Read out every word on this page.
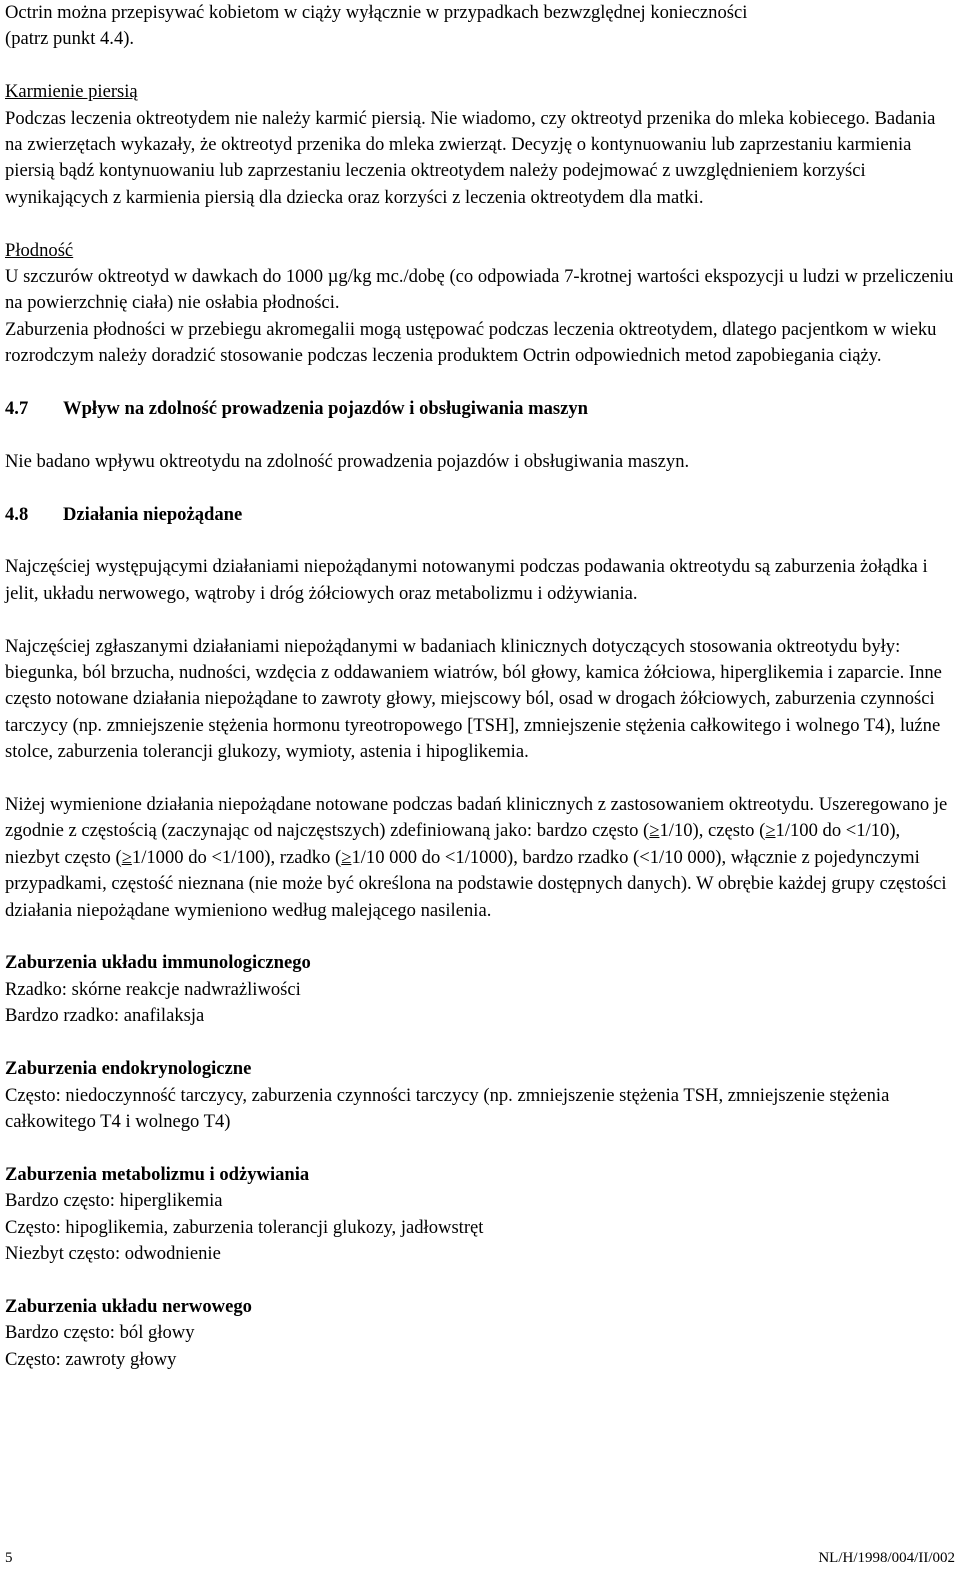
Octrin można przepisywać kobietom w ciąży wyłącznie w przypadkach bezwzględnej konieczności

(patrz punkt 4.4).

Karmienie piersią

Podczas leczenia oktreotydem nie należy karmić piersią. Nie wiadomo, czy oktreotyd przenika do mleka kobiecego. Badania na zwierzętach wykazały, że oktreotyd przenika do mleka zwierząt. Decyzję o kontynuowaniu lub zaprzestaniu karmienia piersią bądź kontynuowaniu lub zaprzestaniu leczenia oktreotydem należy podejmować z uwzględnieniem korzyści wynikających z karmienia piersią dla dziecka oraz korzyści z leczenia oktreotydem dla matki.

Płodność

U szczurów oktreotyd w dawkach do 1000 µg/kg mc./dobę (co odpowiada 7-krotnej wartości ekspozycji u ludzi w przeliczeniu na powierzchnię ciała) nie osłabia płodności.

Zaburzenia płodności w przebiegu akromegalii mogą ustępować podczas leczenia oktreotydem, dlatego pacjentkom w wieku rozrodczym należy doradzić stosowanie podczas leczenia produktem Octrin odpowiednich metod zapobiegania ciąży.

4.7	Wpływ na zdolność prowadzenia pojazdów i obsługiwania maszyn

Nie badano wpływu oktreotydu na zdolność prowadzenia pojazdów i obsługiwania maszyn.

4.8	Działania niepożądane

Najczęściej występującymi działaniami niepożądanymi notowanymi podczas podawania oktreotydu są zaburzenia żołądka i jelit, układu nerwowego, wątroby i dróg żółciowych oraz metabolizmu i odżywiania.

Najczęściej zgłaszanymi działaniami niepożądanymi w badaniach klinicznych dotyczących stosowania oktreotydu były: biegunka, ból brzucha, nudności, wzdęcia z oddawaniem wiatrów, ból głowy, kamica żółciowa, hiperglikemia i zaparcie. Inne często notowane działania niepożądane to zawroty głowy, miejscowy ból, osad w drogach żółciowych, zaburzenia czynności tarczycy (np. zmniejszenie stężenia hormonu tyreotropowego [TSH], zmniejszenie stężenia całkowitego i wolnego T4), luźne stolce, zaburzenia tolerancji glukozy, wymioty, astenia i hipoglikemia.

Niżej wymienione działania niepożądane notowane podczas badań klinicznych z zastosowaniem oktreotydu. Uszeregowano je zgodnie z częstością (zaczynając od najczęstszych) zdefiniowaną jako: bardzo często (≥1/10), często (≥1/100 do <1/10), niezbyt często (≥1/1000 do <1/100), rzadko (≥1/10 000 do <1/1000), bardzo rzadko (<1/10 000), włącznie z pojedynczymi przypadkami, częstość nieznana (nie może być określona na podstawie dostępnych danych). W obrębie każdej grupy częstości działania niepożądane wymieniono według malejącego nasilenia.

Zaburzenia układu immunologicznego

Rzadko: skórne reakcje nadwrażliwości

Bardzo rzadko: anafilaksja

Zaburzenia endokrynologiczne

Często: niedoczynność tarczycy, zaburzenia czynności tarczycy (np. zmniejszenie stężenia TSH, zmniejszenie stężenia całkowitego T4 i wolnego T4)

Zaburzenia metabolizmu i odżywiania

Bardzo często: hiperglikemia

Często: hipoglikemia, zaburzenia tolerancji glukozy, jadłowstręt

Niezbyt często: odwodnienie

Zaburzenia układu nerwowego

Bardzo często: ból głowy

Często: zawroty głowy

5	NL/H/1998/004/II/002
